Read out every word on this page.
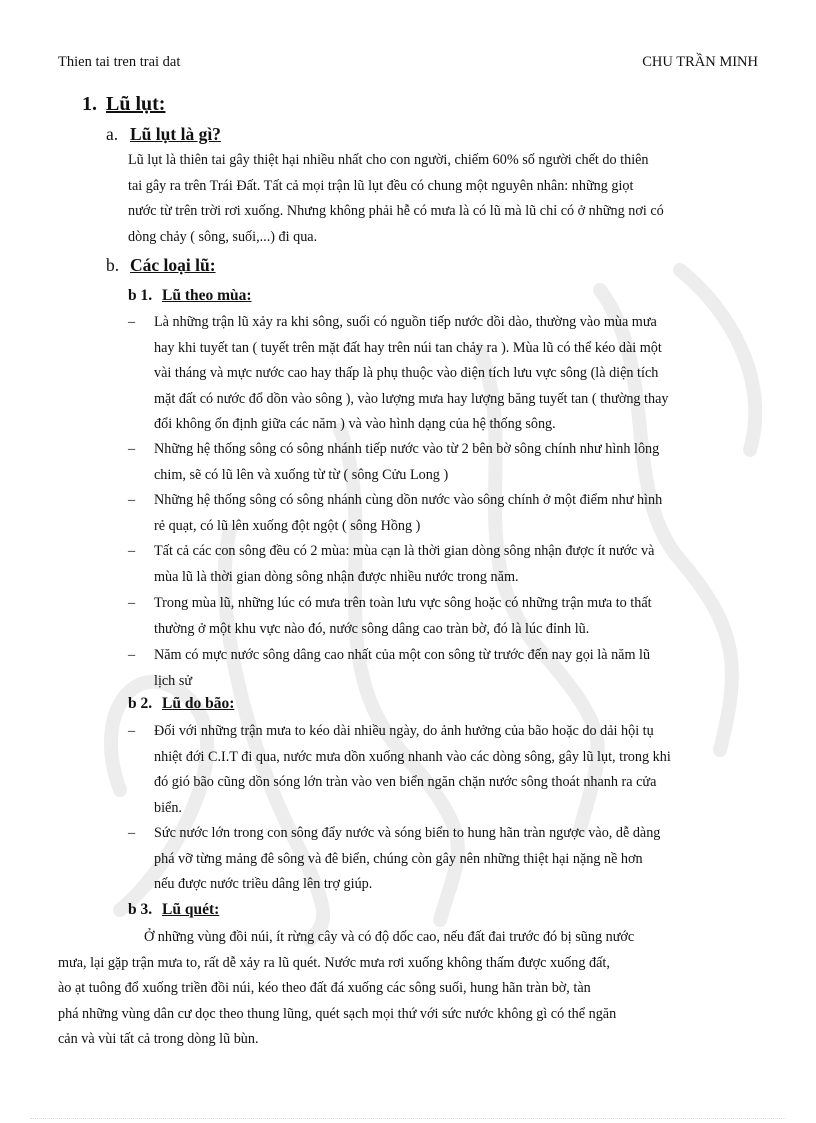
Thien tai tren trai dat	CHU TRẦN MINH
1. Lũ lụt:
a. Lũ lụt là gì?
Lũ lụt là thiên tai gây thiệt hại nhiều nhất cho con người, chiếm 60% số người chết do thiên
tai gây ra trên Trái Đất. Tất cả mọi trận lũ lụt đều có chung một nguyên nhân: những giọt
nước từ trên trời rơi xuống. Nhưng không phải hễ có mưa là có lũ mà lũ chỉ có ở những nơi có
dòng chảy ( sông, suối,...) đi qua.
b. Các loại lũ:
b 1. Lũ theo mùa:
– Là những trận lũ xảy ra khi sông, suối có nguồn tiếp nước dồi dào, thường vào mùa mưa
hay khi tuyết tan ( tuyết trên mặt đất hay trên núi tan chảy ra ). Mùa lũ có thể kéo dài một
vài tháng và mực nước cao hay thấp là phụ thuộc vào diện tích lưu vực sông (là diện tích
mặt đất có nước đổ dồn vào sông ), vào lượng mưa hay lượng băng tuyết tan ( thường thay
đổi không ổn định giữa các năm ) và vào hình dạng của hệ thống sông.
– Những hệ thống sông có sông nhánh tiếp nước vào từ 2 bên bờ sông chính như hình lông
chim, sẽ có lũ lên và xuống từ từ ( sông Cửu Long )
– Những hệ thống sông có sông nhánh cùng dồn nước vào sông chính ở một điểm như hình
rẻ quạt, có lũ lên xuống đột ngột ( sông Hồng )
– Tất cả các con sông đều có 2 mùa: mùa cạn là thời gian dòng sông nhận được ít nước và
mùa lũ là thời gian dòng sông nhận được nhiều nước trong năm.
– Trong mùa lũ, những lúc có mưa trên toàn lưu vực sông hoặc có những trận mưa to thất
thường ở một khu vực nào đó, nước sông dâng cao tràn bờ, đó là lúc đỉnh lũ.
– Năm có mực nước sông dâng cao nhất của một con sông từ trước đến nay gọi là năm lũ
lịch sử
b 2. Lũ do bão:
– Đối với những trận mưa to kéo dài nhiều ngày, do ảnh hưởng của bão hoặc do dải hội tụ
nhiệt đới C.I.T đi qua, nước mưa dồn xuống nhanh vào các dòng sông, gây lũ lụt, trong khi
đó gió bão cũng dồn sóng lớn tràn vào ven biển ngăn chặn nước sông thoát nhanh ra cửa
biển.
– Sức nước lớn trong con sông đẩy nước và sóng biển to hung hãn tràn ngược vào, dễ dàng
phá vỡ từng mảng đê sông và đê biển, chúng còn gây nên những thiệt hại nặng nề hơn
nếu được nước triều dâng lên trợ giúp.
b 3. Lũ quét:
Ở những vùng đồi núi, ít rừng cây và có độ dốc cao, nếu đất đai trước đó bị sũng nước
mưa, lại gặp trận mưa to, rất dễ xảy ra lũ quét. Nước mưa rơi xuống không thấm được xuống đất,
ào ạt tuông đổ xuống triền đồi núi, kéo theo đất đá xuống các sông suối, hung hãn tràn bờ, tàn
phá những vùng dân cư dọc theo thung lũng, quét sạch mọi thứ với sức nước không gì có thể ngăn
cản và vùi tất cả trong dòng lũ bùn.
